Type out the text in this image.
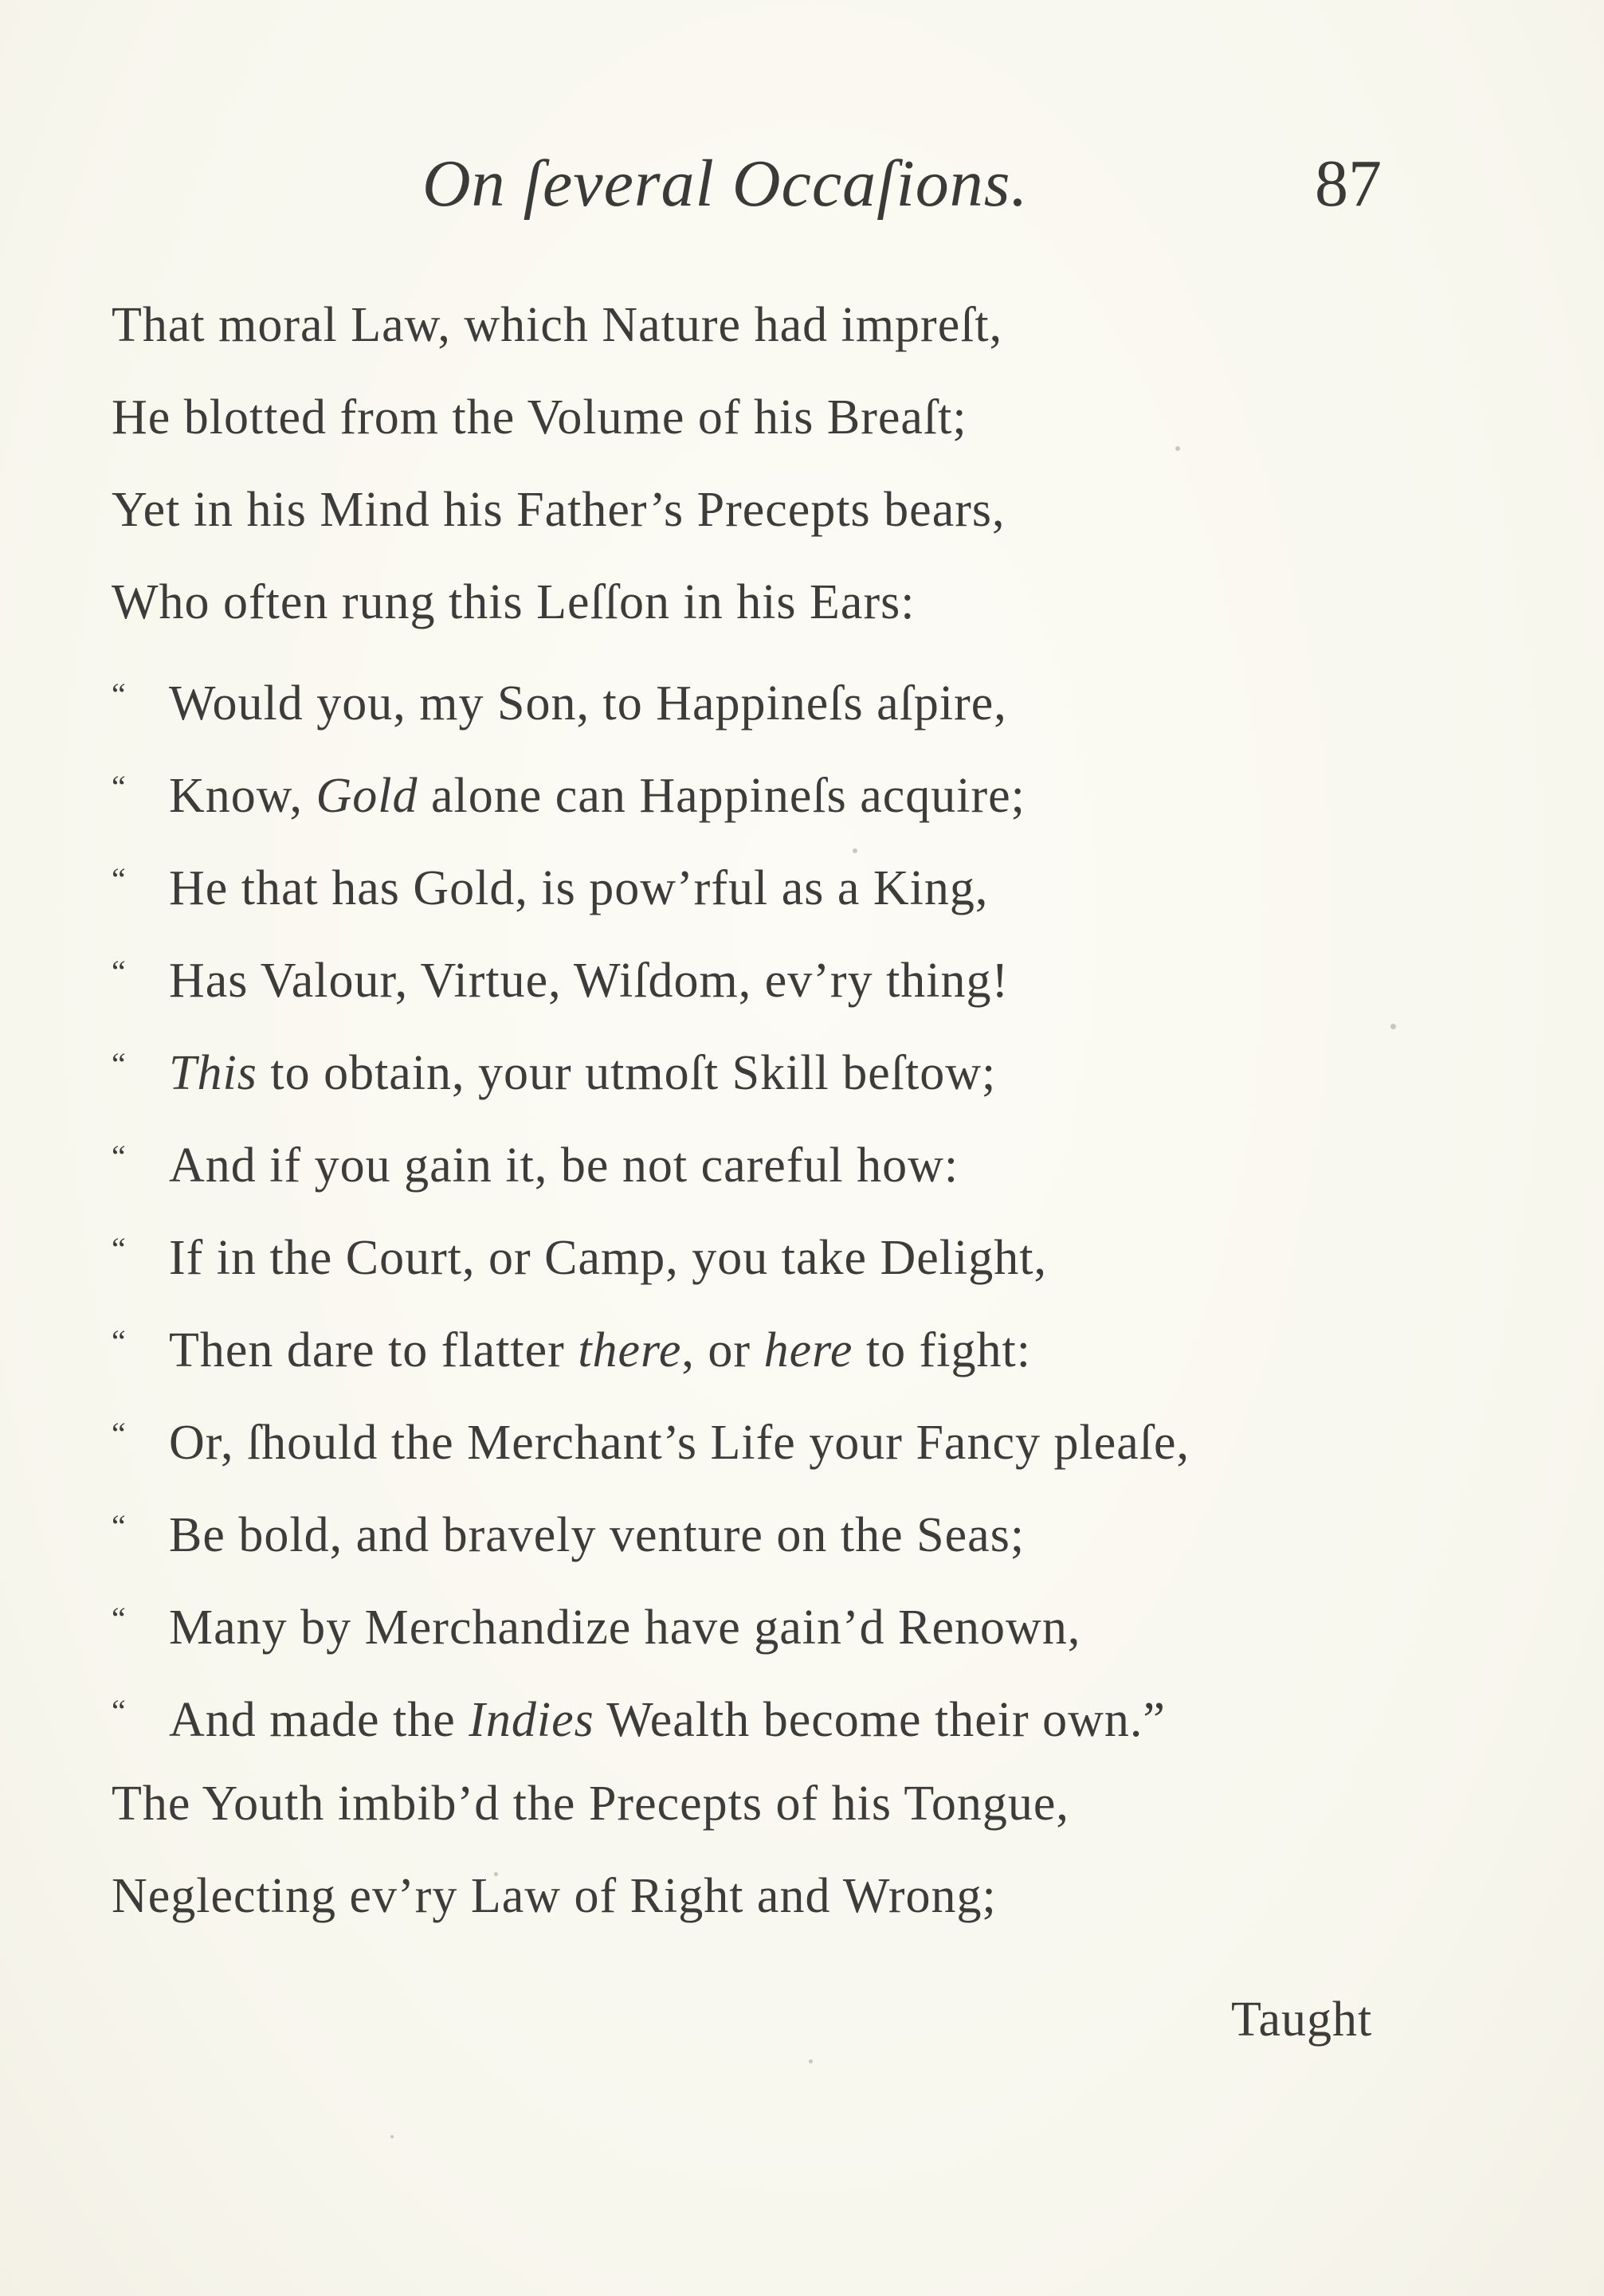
On ſeveral Occaſions.	87
That moral Law, which Nature had impreſt,
He blotted from the Volume of his Breaſt;
Yet in his Mind his Father’s Precepts bears,
Who often rung this Leſſon in his Ears:
“ Would you, my Son, to Happineſs aſpire,
“ Know, Gold alone can Happineſs acquire;
“ He that has Gold, is pow’rful as a King,
“ Has Valour, Virtue, Wiſdom, ev’ry thing!
“ This to obtain, your utmoſt Skill beſtow;
“ And if you gain it, be not careful how:
“ If in the Court, or Camp, you take Delight,
“ Then dare to flatter there, or here to fight:
“ Or, ſhould the Merchant’s Life your Fancy pleaſe,
“ Be bold, and bravely venture on the Seas;
“ Many by Merchandize have gain’d Renown,
“ And made the Indies Wealth become their own.”
The Youth imbib’d the Precepts of his Tongue,
Neglecting ev’ry Law of Right and Wrong;
Taught
